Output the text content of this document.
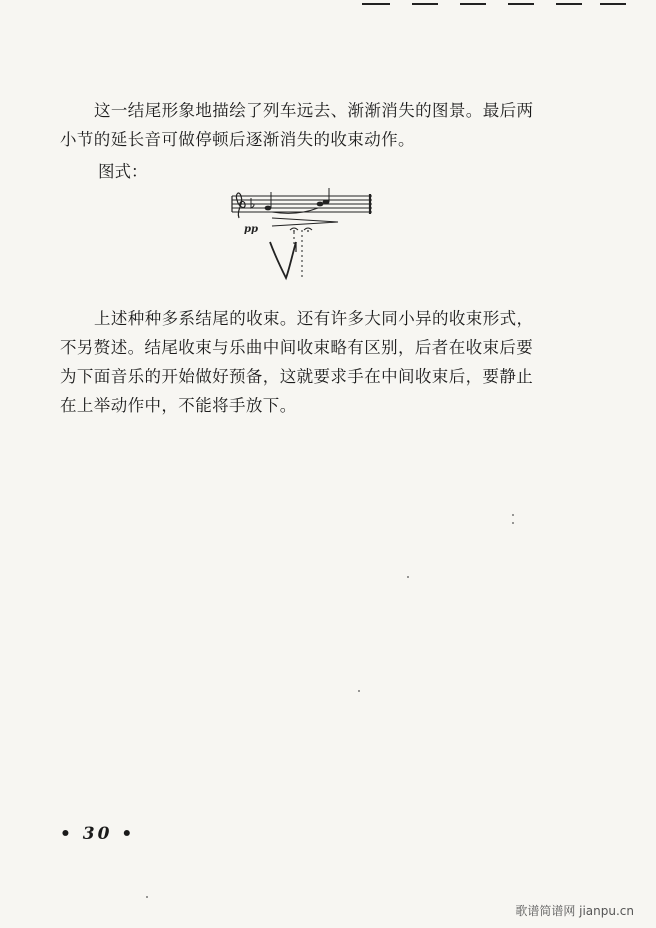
这一结尾形象地描绘了列车远去、渐渐消失的图景。最后两
小节的延长音可做停顿后逐渐消失的收束动作。

图式：

pp
上述种种多系结尾的收束。还有许多大同小异的收束形式，
不另赘述。结尾收束与乐曲中间收束略有区别，后者在收束后要
为下面音乐的开始做好预备，这就要求手在中间收束后，要静止
在上举动作中，不能将手放下。
• 30 •
歌谱简谱网 jianpu.cn
